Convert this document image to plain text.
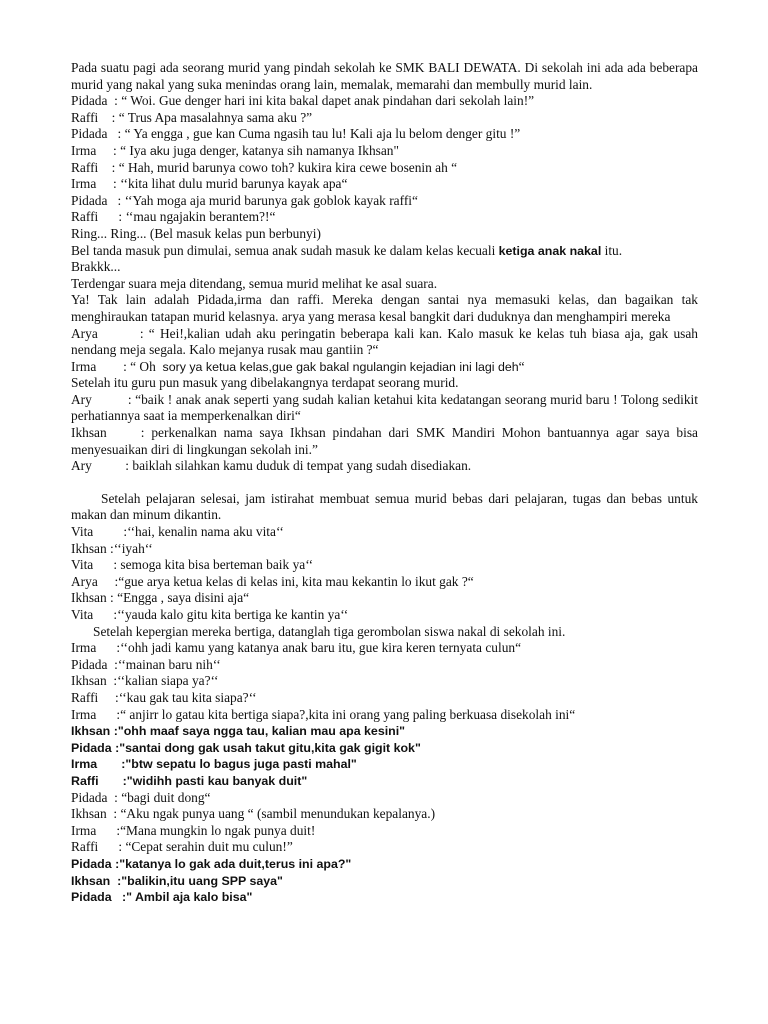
Pada suatu pagi ada seorang murid yang pindah sekolah ke SMK BALI DEWATA. Di sekolah ini ada ada beberapa murid yang nakal yang suka menindas orang lain, memalak, memarahi dan membully murid lain.

Pidada  : “ Woi. Gue denger hari ini kita bakal dapet anak pindahan dari sekolah lain!”

Raffi    : “ Trus Apa masalahnya sama aku ?”

Pidada   : “ Ya engga , gue kan Cuma ngasih tau lu! Kali aja lu belom denger gitu !”

Irma     : “ Iya aku juga denger, katanya sih namanya Ikhsan"

Raffi    : “ Hah, murid barunya cowo toh? kukira kira cewe bosenin ah “

Irma     : ‘‘kita lihat dulu murid barunya kayak apa“

Pidada   : ‘‘Yah moga aja murid barunya gak goblok kayak raffi“

Raffi      : ‘‘mau ngajakin berantem?!“

Ring... Ring... (Bel masuk kelas pun berbunyi)

Bel tanda masuk pun dimulai, semua anak sudah masuk ke dalam kelas kecuali ketiga anak nakal itu.

Brakkk...

Terdengar suara meja ditendang, semua murid melihat ke asal suara.

Ya! Tak lain adalah Pidada,irma dan raffi. Mereka dengan santai nya memasuki kelas, dan bagaikan tak menghiraukan tatapan murid kelasnya. arya yang merasa kesal bangkit dari duduknya dan menghampiri mereka

Arya        : “ Hei!,kalian udah aku peringatin beberapa kali kan. Kalo masuk ke kelas tuh biasa aja, gak usah nendang meja segala. Kalo mejanya rusak mau gantiin ?“

Irma        : “ Oh  sory ya ketua kelas,gue gak bakal ngulangin kejadian ini lagi deh“

Setelah itu guru pun masuk yang dibelakangnya terdapat seorang murid.

Ary          : “baik ! anak anak seperti yang sudah kalian ketahui kita kedatangan seorang murid baru ! Tolong sedikit perhatiannya saat ia memperkenalkan diri“

Ikhsan     : perkenalkan nama saya Ikhsan pindahan dari SMK Mandiri Mohon bantuannya agar saya bisa menyesuaikan diri di lingkungan sekolah ini.”

Ary          : baiklah silahkan kamu duduk di tempat yang sudah disediakan.

Setelah pelajaran selesai, jam istirahat membuat semua murid bebas dari pelajaran, tugas dan bebas untuk makan dan minum dikantin.

Vita         :‘‘hai, kenalin nama aku vita‘‘

Ikhsan :‘‘iyah‘‘

Vita      : semoga kita bisa berteman baik ya‘‘

Arya     :“gue arya ketua kelas di kelas ini, kita mau kekantin lo ikut gak ?“

Ikhsan : “Engga , saya disini aja“

Vita      :‘‘yauda kalo gitu kita bertiga ke kantin ya‘‘

Setelah kepergian mereka bertiga, datanglah tiga gerombolan siswa nakal di sekolah ini.

Irma      :‘‘ohh jadi kamu yang katanya anak baru itu, gue kira keren ternyata culun“

Pidada  :‘‘mainan baru nih‘‘

Ikhsan  :‘‘kalian siapa ya?‘‘

Raffi     :‘‘kau gak tau kita siapa?‘‘

Irma      :“ anjirr lo gatau kita bertiga siapa?,kita ini orang yang paling berkuasa disekolah ini“

Ikhsan :"ohh maaf saya ngga tau, kalian mau apa kesini"

Pidada :"santai dong gak usah takut gitu,kita gak gigit kok"

Irma       :"btw sepatu lo bagus juga pasti mahal"

Raffi       :"widihh pasti kau banyak duit"

Pidada  : “bagi duit dong“

Ikhsan  : “Aku ngak punya uang “ (sambil menundukan kepalanya.)

Irma      :“Mana mungkin lo ngak punya duit!

Raffi      : “Cepat serahin duit mu culun!”

Pidada :"katanya lo gak ada duit,terus ini apa?"

Ikhsan  :"balikin,itu uang SPP saya"

Pidada   :" Ambil aja kalo bisa"
